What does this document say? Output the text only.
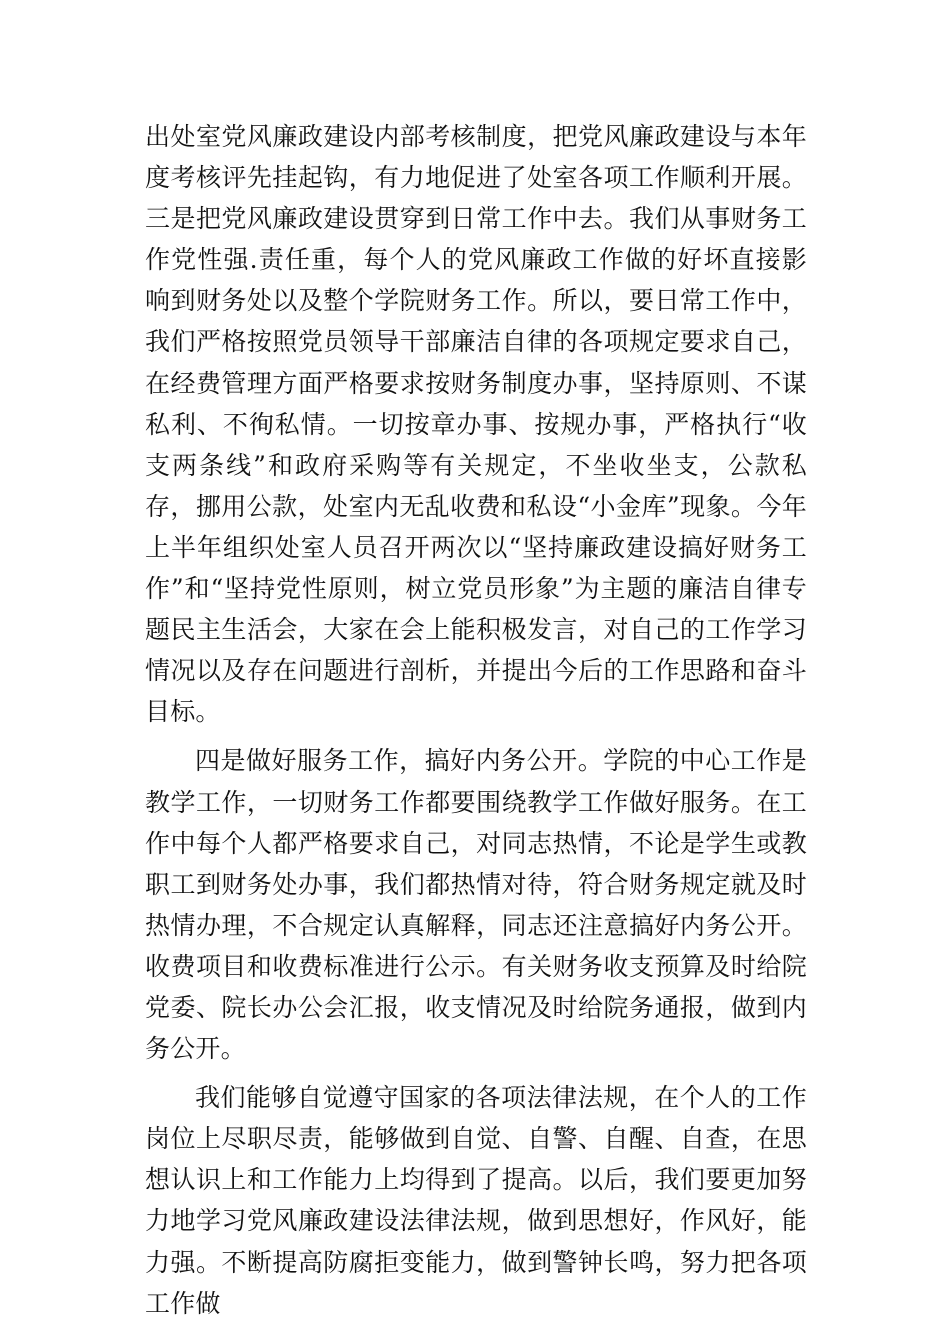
出处室党风廉政建设内部考核制度，把党风廉政建设与本年度考核评先挂起钩，有力地促进了处室各项工作顺利开展。三是把党风廉政建设贯穿到日常工作中去。我们从事财务工作党性强.责任重，每个人的党风廉政工作做的好坏直接影响到财务处以及整个学院财务工作。所以，要日常工作中，我们严格按照党员领导干部廉洁自律的各项规定要求自己，在经费管理方面严格要求按财务制度办事，坚持原则、不谋私利、不徇私情。一切按章办事、按规办事，严格执行“收支两条线”和政府采购等有关规定，不坐收坐支，公款私存，挪用公款，处室内无乱收费和私设“小金库”现象。今年上半年组织处室人员召开两次以“坚持廉政建设搞好财务工作”和“坚持党性原则，树立党员形象”为主题的廉洁自律专题民主生活会，大家在会上能积极发言，对自己的工作学习情况以及存在问题进行剖析，并提出今后的工作思路和奋斗目标。

四是做好服务工作，搞好内务公开。学院的中心工作是教学工作，一切财务工作都要围绕教学工作做好服务。在工作中每个人都严格要求自己，对同志热情，不论是学生或教职工到财务处办事，我们都热情对待，符合财务规定就及时热情办理，不合规定认真解释，同志还注意搞好内务公开。收费项目和收费标准进行公示。有关财务收支预算及时给院党委、院长办公会汇报，收支情况及时给院务通报，做到内务公开。

我们能够自觉遵守国家的各项法律法规，在个人的工作岗位上尽职尽责，能够做到自觉、自警、自醒、自查，在思想认识上和工作能力上均得到了提高。以后，我们要更加努力地学习党风廉政建设法律法规，做到思想好，作风好，能力强。不断提高防腐拒变能力，做到警钟长鸣，努力把各项工作做
